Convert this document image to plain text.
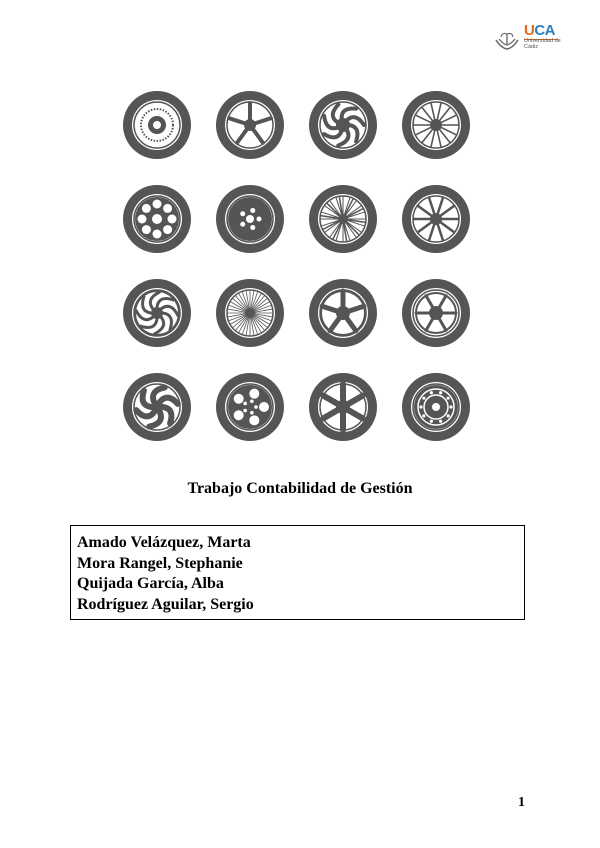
UCA
Universidad de Cádiz
Trabajo Contabilidad de Gestión
Amado Velázquez, Marta
Mora Rangel, Stephanie
Quijada García, Alba
Rodríguez Aguilar, Sergio
1
